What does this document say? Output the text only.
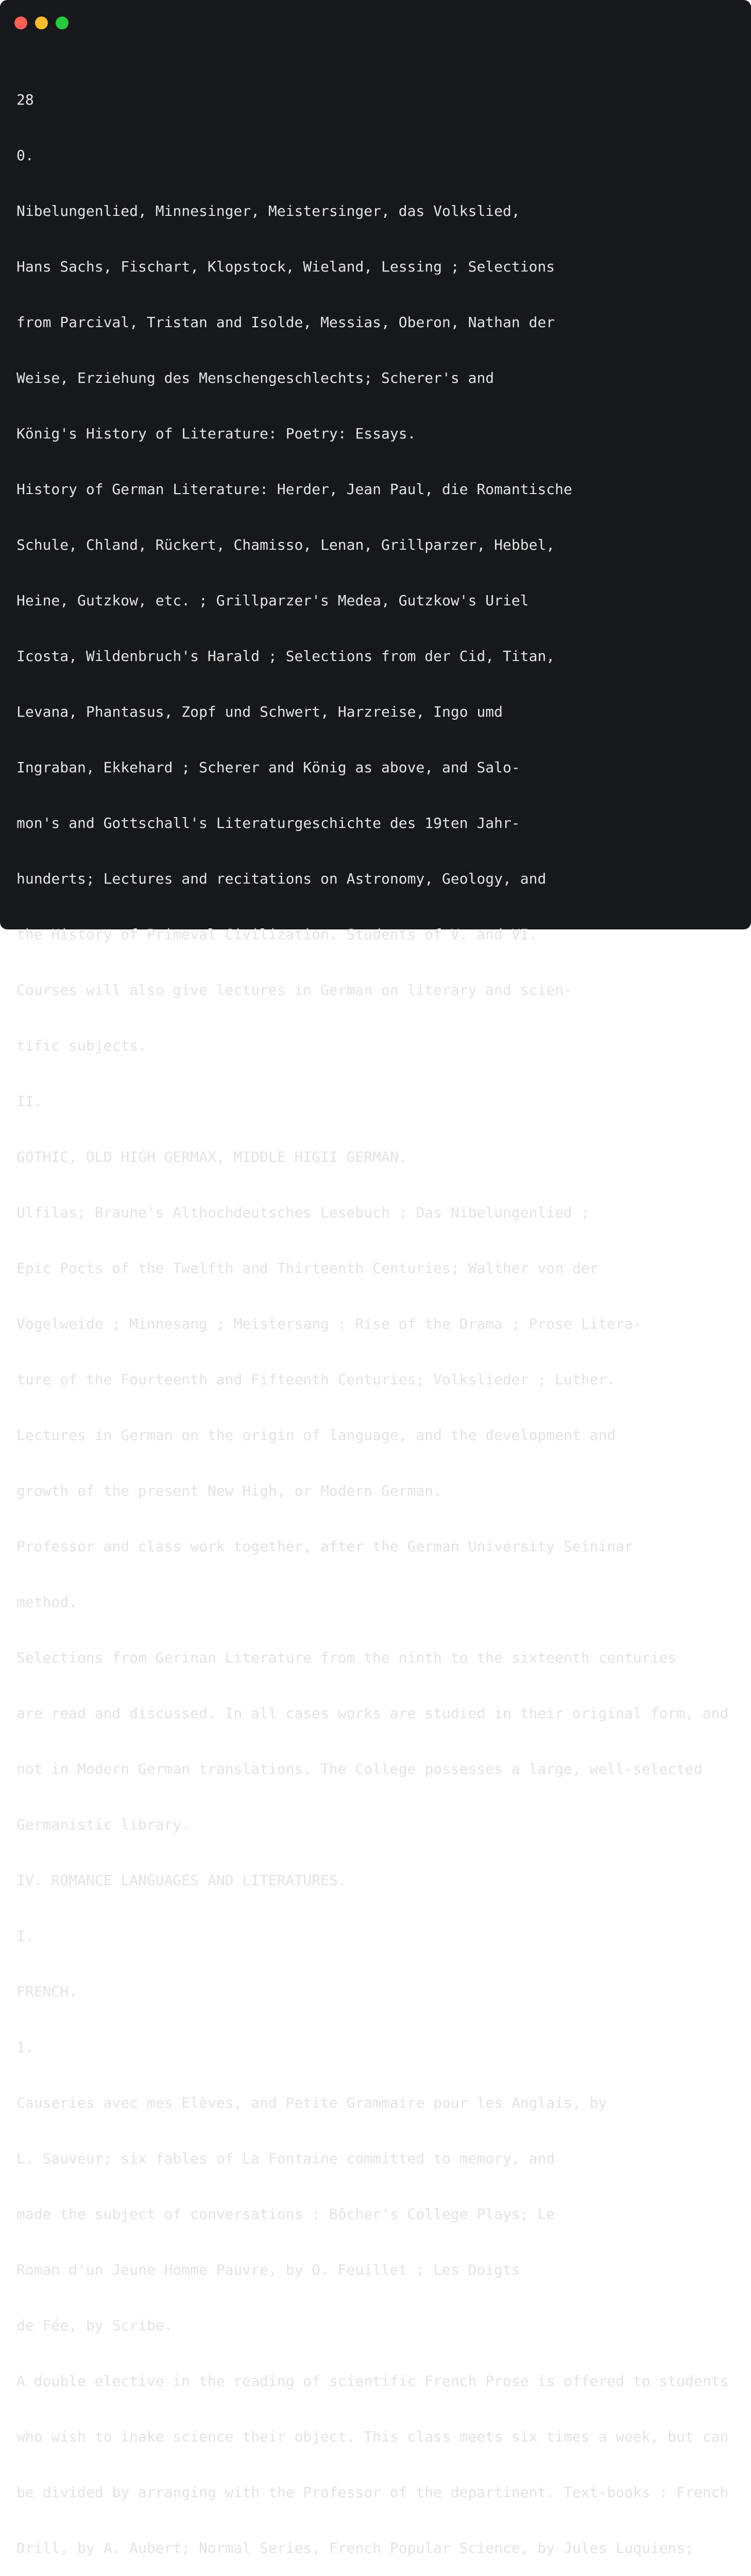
28

0.

Nibelungenlied, Minnesinger, Meistersinger, das Volkslied,

Hans Sachs, Fischart, Klopstock, Wieland, Lessing ; Selections

from Parcival, Tristan and Isolde, Messias, Oberon, Nathan der

Weise, Erziehung des Menschengeschlechts; Scherer's and

König's History of Literature: Poetry: Essays.

History of German Literature: Herder, Jean Paul, die Romantische

Schule, Chland, Rückert, Chamisso, Lenan, Grillparzer, Hebbel,

Heine, Gutzkow, etc. ; Grillparzer's Medea, Gutzkow's Uriel

Icosta, Wildenbruch's Harald ; Selections from der Cid, Titan,

Levana, Phantasus, Zopf und Schwert, Harzreise, Ingo umd

Ingraban, Ekkehard ; Scherer and König as above, and Salo-

mon's and Gottschall's Literaturgeschichte des 19ten Jahr-

hunderts; Lectures and recitations on Astronomy, Geology, and

the History of Primeval Civilization. Students of V. and VI.

Courses will also give lectures in German on literary and scien-

tific subjects.

II.

GOTHIC, OLD HIGH GERMAX, MIDDLE HIGII GERMAN.

Ulfilas; Braune's Althochdeutsches Lesebuch ; Das Nibelungenlied ;

Epic Pocts of the Twelfth and Thirteenth Centuries; Walther von der

Vogelweide ; Minnesang ; Meistersang : Rise of the Drama ; Prose Litera-

ture of the Fourteenth and Fifteenth Centuries; Volkslieder ; Luther.

Lectures in German on the origin of language, and the development and

growth of the present New High, or Modern German.

Professor and class work together, after the German University Seininar

method.

Selections from Gerinan Literature from the ninth to the sixteenth centuries

are read and discussed. In all cases works are studied in their original form, and

not in Modern German translations. The College possesses a large, well-selected

Germanistic library.

IV. ROMANCE LANGUAGES AND LITERATURES.

I.

FRENCH.

1.

Causeries avec mes Elèves, and Petite Grammaire pour les Anglais, by

L. Sauveur; six fables of La Fontaine committed to memory, and

made the subject of conversations : Bôcher's College Plays; Le

Roman d'un Jeune Homme Pauvre, by O. Feuillet ; Les Doigts

de Fée, by Scribe.

A double elective in the reading of scientific French Prose is offered to students

who wish to inake science their object. This class meets six times a week, but can

be divided by arranging with the Professor of the departinent. Text-books : French

Drill, by A. Aubert; Normal Series, French Popular Science, by Jules Luquiens;
